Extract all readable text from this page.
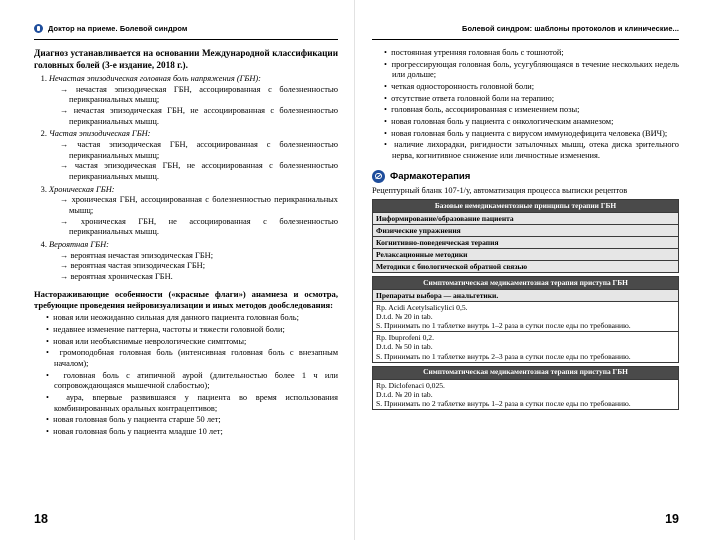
Доктор на приеме. Болевой синдром

Диагноз устанавливается на основании Международной классификации головных болей (3-е издание, 2018 г.).

1. Нечастая эпизодическая головная боль напряжения (ГБН):
→ нечастая эпизодическая ГБН, ассоциированная с болезненностью перикраниальных мышц;
→ нечастая эпизодическая ГБН, не ассоциированная с болезненностью перикраниальных мышц.
2. Частая эпизодическая ГБН:
→ частая эпизодическая ГБН, ассоциированная с болезненностью перикраниальных мышц;
→ частая эпизодическая ГБН, не ассоциированная с болезненностью перикраниальных мышц.
3. Хроническая ГБН:
→ хроническая ГБН, ассоциированная с болезненностью перикраниальных мышц;
→ хроническая ГБН, не ассоциированная с болезненностью перикраниальных мышц.
4. Вероятная ГБН:
→ вероятная нечастая эпизодическая ГБН;
→ вероятная частая эпизодическая ГБН;
→ вероятная хроническая ГБН.

Настораживающие особенности («красные флаги») анамнеза и осмотра, требующие проведения нейровизуализации и иных методов дообследования:

•  новая или неожиданно сильная для данного пациента головная боль;
•  недавнее изменение паттерна, частоты и тяжести головной боли;
•  новая или необъяснимые неврологические симптомы;
•  громоподобная головная боль (интенсивная головная боль с внезапным началом);
•  головная боль с атипичной аурой (длительностью более 1 ч или сопровождающаяся мышечной слабостью);
•  аура, впервые развившаяся у пациента во время использования комбинированных оральных контрацептивов;
•  новая головная боль у пациента старше 50 лет;
•  новая головная боль у пациента младше 10 лет;
18
Болевой синдром: шаблоны протоколов и клинические...
•  постоянная утренняя головная боль с тошнотой;
•  прогрессирующая головная боль, усугубляющаяся в течение нескольких недель или дольше;
•  четкая односторонность головной боли;
•  отсутствие ответа головной боли на терапию;
•  головная боль, ассоциированная с изменением позы;
•  новая головная боль у пациента с онкологическим анамнезом;
•  новая головная боль у пациента с вирусом иммунодефицита человека (ВИЧ);
•  наличие лихорадки, ригидности затылочных мышц, отека диска зрительного нерва, когнитивное снижение или личностные изменения.
Фармакотерапия

Рецептурный бланк 107-1/у, автоматизация процесса выписки рецептов

Базовые немедикаментозные принципы терапии ГБН
Информирование/образование пациента
Физические упражнения
Когнитивно-поведенческая терапия
Релаксационные методики
Методики с биологической обратной связью
Симптоматическая медикаментозная терапия приступа ГБН
Препараты выбора — анальгетики.

Rp. Acidi Acetylsalicylici 0,5.
D.t.d. № 20 in tab.
S. Принимать по 1 таблетке внутрь 1–2 раза в сутки после еды по требованию.

Rp. Ibuprofeni 0,2.
D.t.d. № 50 in tab.
S. Принимать по 1 таблетке внутрь 2–3 раза в сутки после еды по требованию.
Симптоматическая медикаментозная терапия приступа ГБН

Rp. Diclofenaci 0,025.
D.t.d. № 20 in tab.
S. Принимать по 2 таблетке внутрь 1–2 раза в сутки после еды по требованию.
19
